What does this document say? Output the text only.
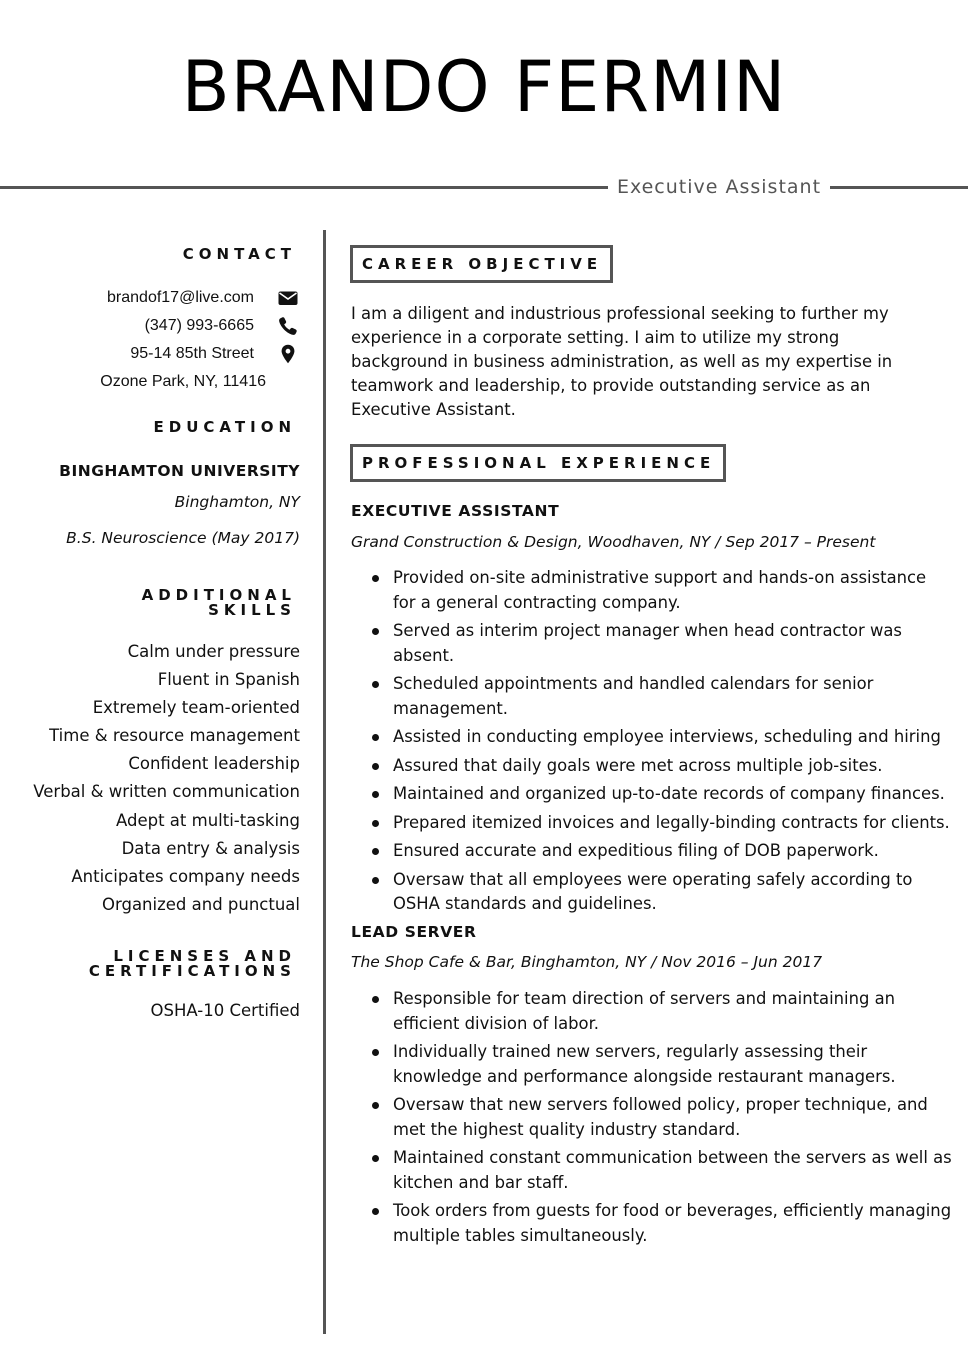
BRANDO FERMIN
Executive Assistant
CONTACT
brandof17@live.com
(347) 993-6665
95-14 85th Street
Ozone Park, NY, 11416
EDUCATION
BINGHAMTON UNIVERSITY
Binghamton, NY
B.S. Neuroscience (May 2017)
ADDITIONAL
SKILLS
Calm under pressure
Fluent in Spanish
Extremely team-oriented
Time & resource management
Confident leadership
Verbal & written communication
Adept at multi-tasking
Data entry & analysis
Anticipates company needs
Organized and punctual
LICENSES AND
CERTIFICATIONS
OSHA-10 Certified
CAREER OBJECTIVE

I am a diligent and industrious professional seeking to further my experience in a corporate setting. I aim to utilize my strong background in business administration, as well as my expertise in teamwork and leadership, to provide outstanding service as an Executive Assistant.

PROFESSIONAL EXPERIENCE
EXECUTIVE ASSISTANT
Grand Construction & Design, Woodhaven, NY / Sep 2017 – Present
Provided on-site administrative support and hands-on assistance for a general contracting company.
Served as interim project manager when head contractor was absent.
Scheduled appointments and handled calendars for senior management.
Assisted in conducting employee interviews, scheduling and hiring
Assured that daily goals were met across multiple job-sites.
Maintained and organized up-to-date records of company finances.
Prepared itemized invoices and legally-binding contracts for clients.
Ensured accurate and expeditious filing of DOB paperwork.
Oversaw that all employees were operating safely according to OSHA standards and guidelines.
LEAD SERVER
The Shop Cafe & Bar, Binghamton, NY / Nov 2016 – Jun 2017
Responsible for team direction of servers and maintaining an efficient division of labor.
Individually trained new servers, regularly assessing their knowledge and performance alongside restaurant managers.
Oversaw that new servers followed policy, proper technique, and met the highest quality industry standard.
Maintained constant communication between the servers as well as kitchen and bar staff.
Took orders from guests for food or beverages, efficiently managing multiple tables simultaneously.
